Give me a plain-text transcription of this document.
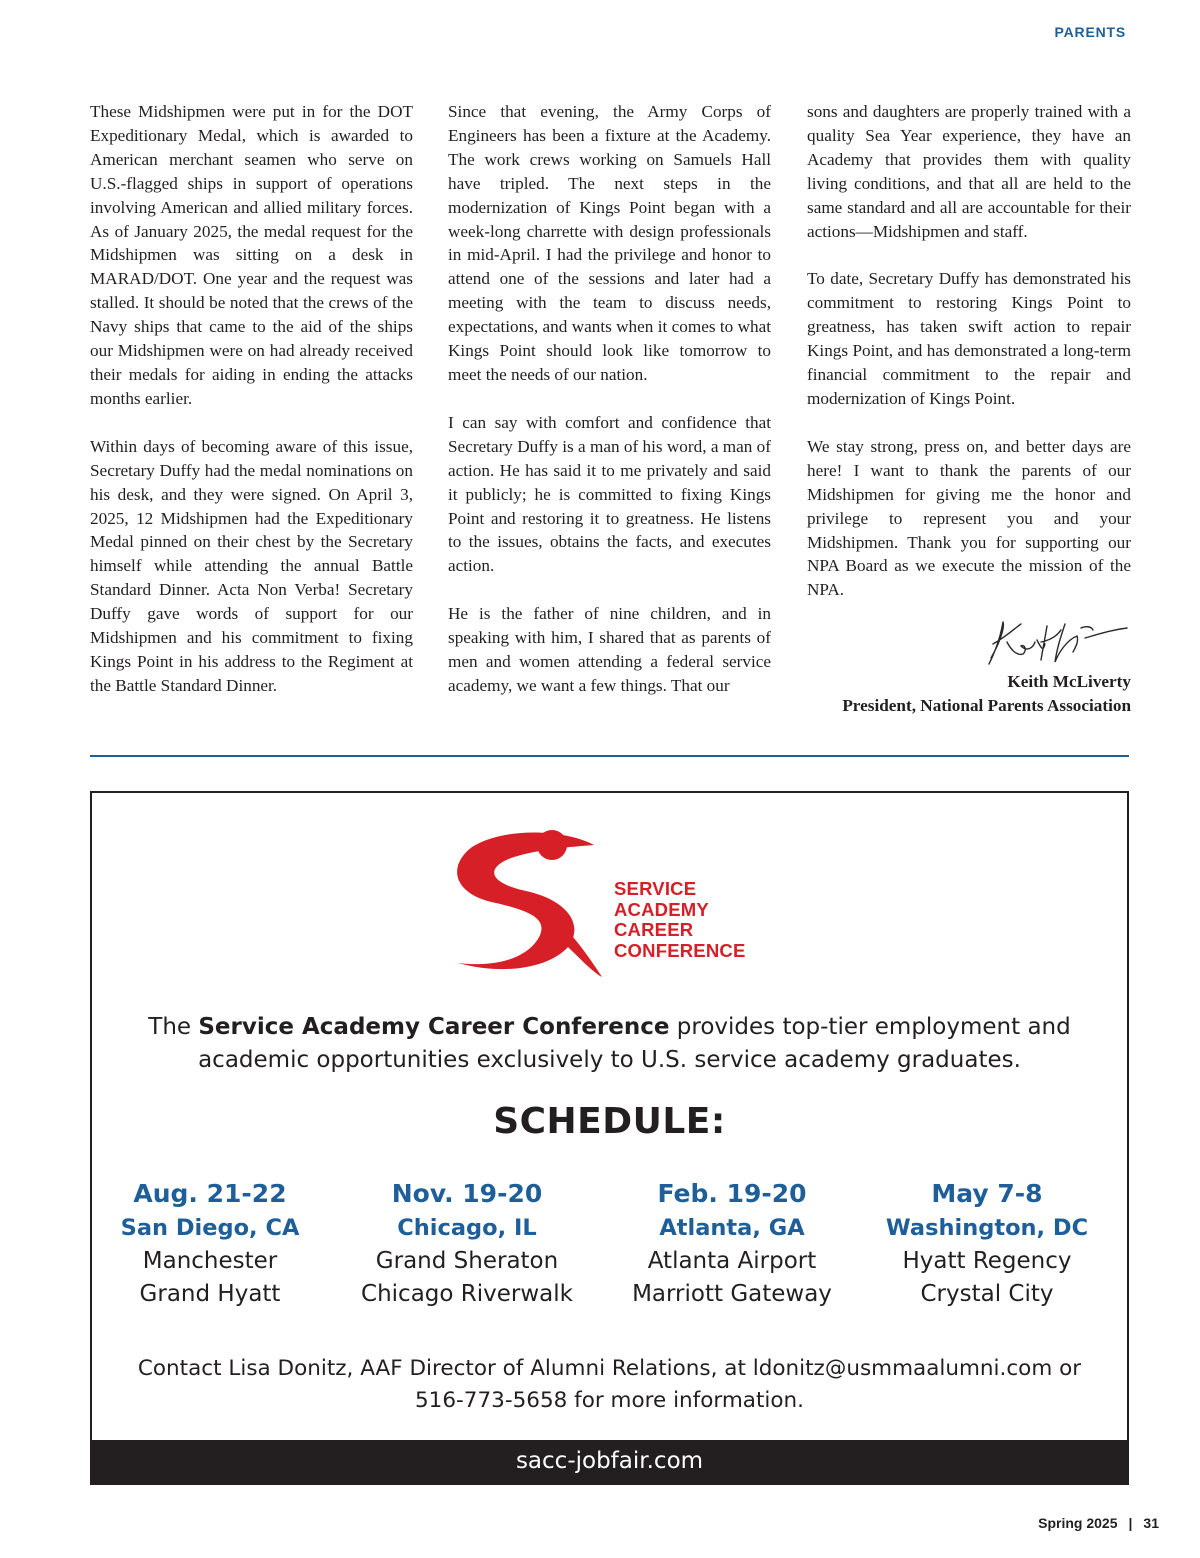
PARENTS

These Midshipmen were put in for the DOT Expeditionary Medal, which is awarded to American merchant seamen who serve on U.S.-flagged ships in support of operations involving American and allied military forces. As of January 2025, the medal request for the Midshipmen was sitting on a desk in MARAD/DOT. One year and the request was stalled. It should be noted that the crews of the Navy ships that came to the aid of the ships our Midshipmen were on had already received their medals for aiding in ending the attacks months earlier.

Within days of becoming aware of this issue, Secretary Duffy had the medal nominations on his desk, and they were signed. On April 3, 2025, 12 Midshipmen had the Expeditionary Medal pinned on their chest by the Secretary himself while attending the annual Battle Standard Dinner. Acta Non Verba! Secretary Duffy gave words of support for our Midshipmen and his commitment to fixing Kings Point in his address to the Regiment at the Battle Standard Dinner.

Since that evening, the Army Corps of Engineers has been a fixture at the Academy. The work crews working on Samuels Hall have tripled. The next steps in the modernization of Kings Point began with a week-long charrette with design professionals in mid-April. I had the privilege and honor to attend one of the sessions and later had a meeting with the team to discuss needs, expectations, and wants when it comes to what Kings Point should look like tomorrow to meet the needs of our nation.

I can say with comfort and confidence that Secretary Duffy is a man of his word, a man of action. He has said it to me privately and said it publicly; he is committed to fixing Kings Point and restoring it to greatness. He listens to the issues, obtains the facts, and executes action.

He is the father of nine children, and in speaking with him, I shared that as parents of men and women attending a federal service academy, we want a few things. That our

sons and daughters are properly trained with a quality Sea Year experience, they have an Academy that provides them with quality living conditions, and that all are held to the same standard and all are accountable for their actions—Midshipmen and staff.

To date, Secretary Duffy has demonstrated his commitment to restoring Kings Point to greatness, has taken swift action to repair Kings Point, and has demonstrated a long-term financial commitment to the repair and modernization of Kings Point.

We stay strong, press on, and better days are here! I want to thank the parents of our Midshipmen for giving me the honor and privilege to represent you and your Midshipmen. Thank you for supporting our NPA Board as we execute the mission of the NPA.

Keith McLiverty
President, National Parents Association
SERVICE
ACADEMY
CAREER
CONFERENCE
The Service Academy Career Conference provides top-tier employment and academic opportunities exclusively to U.S. service academy graduates.
SCHEDULE:
Aug. 21-22
San Diego, CA
Manchester
Grand Hyatt
Nov. 19-20
Chicago, IL
Grand Sheraton
Chicago Riverwalk
Feb. 19-20
Atlanta, GA
Atlanta Airport
Marriott Gateway
May 7-8
Washington, DC
Hyatt Regency
Crystal City
Contact Lisa Donitz, AAF Director of Alumni Relations, at ldonitz@usmmaalumni.com or
516-773-5658 for more information.
sacc-jobfair.com
Spring 2025 | 31
